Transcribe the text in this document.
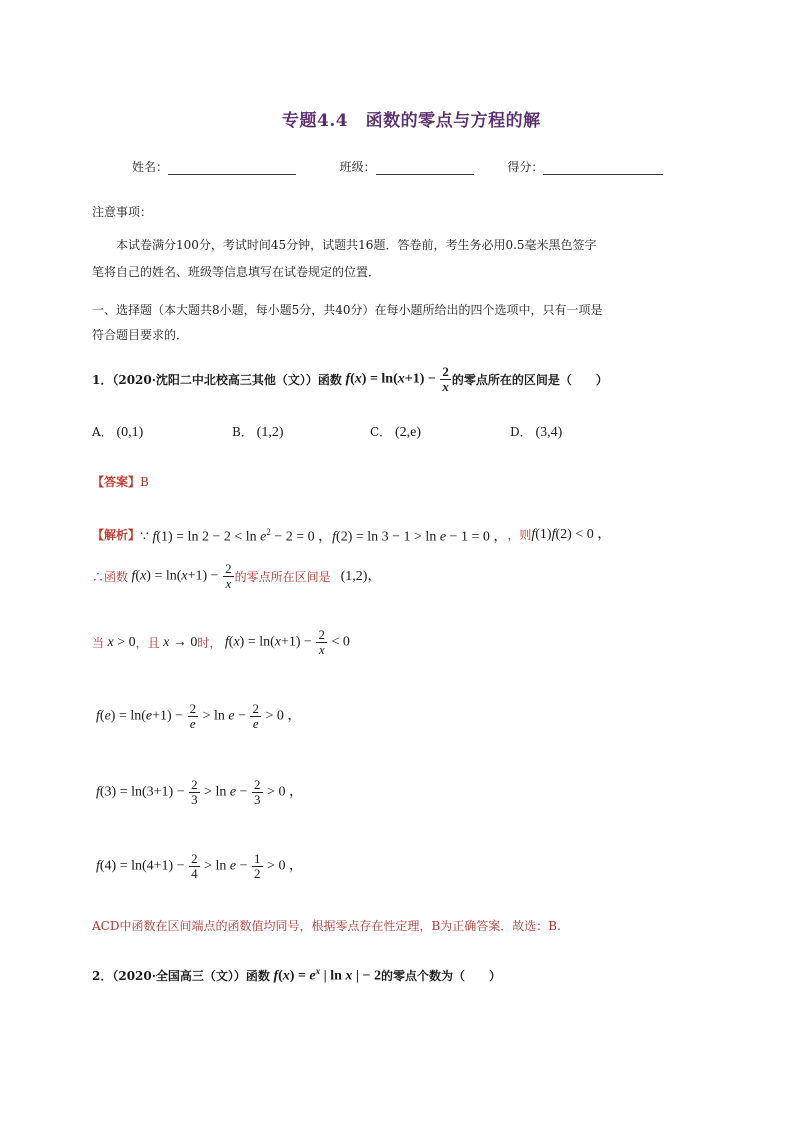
专题4.4　函数的零点与方程的解
姓名：	班级：	得分：
注意事项：
本试卷满分100分，考试时间45分钟，试题共16题．答卷前，考生务必用0.5毫米黑色签字
笔将自己的姓名、班级等信息填写在试卷规定的位置．
一、选择题（本大题共8小题，每小题5分，共40分）在每小题所给出的四个选项中，只有一项是
符合题目要求的．
1．（2020·沈阳二中北校高三其他（文））函数 $f(x) = \ln(x+1) - \frac{2}{x}$ 的零点所在的区间是（　　）
A． (0,1)	B． (1,2)	C． (2,e)	D． (3,4)
【答案】B
【解析】 ∵ $f(1) = \ln 2 - 2 < \ln e^2 - 2 = 0$ ，f(2) = ln 3 − 1 > ln e − 1 = 0 ， ，则 f(1)f(2) < 0 ，
∴函数 $f(x) = \ln(x+1) - \frac{2}{x}$ 的零点所在区间是 (1,2) ，
当 x > 0 ，且 x → 0 时， $f(x) = \ln(x+1) - \frac{2}{x} < 0$
$f(e) = \ln(e+1) - \frac{2}{e} > \ln e - \frac{2}{e} > 0$ ，
$f(3) = \ln(3+1) - \frac{2}{3} > \ln e - \frac{2}{3} > 0$ ，
$f(4) = \ln(4+1) - \frac{2}{4} > \ln e - \frac{1}{2} > 0$ ，
ACD中函数在区间端点的函数值均同号，根据零点存在性定理，B为正确答案．故选：B.
2．（2020·全国高三（文））函数 $f(x) = e^x$ | ln x | − 2 的零点个数为（　　）
